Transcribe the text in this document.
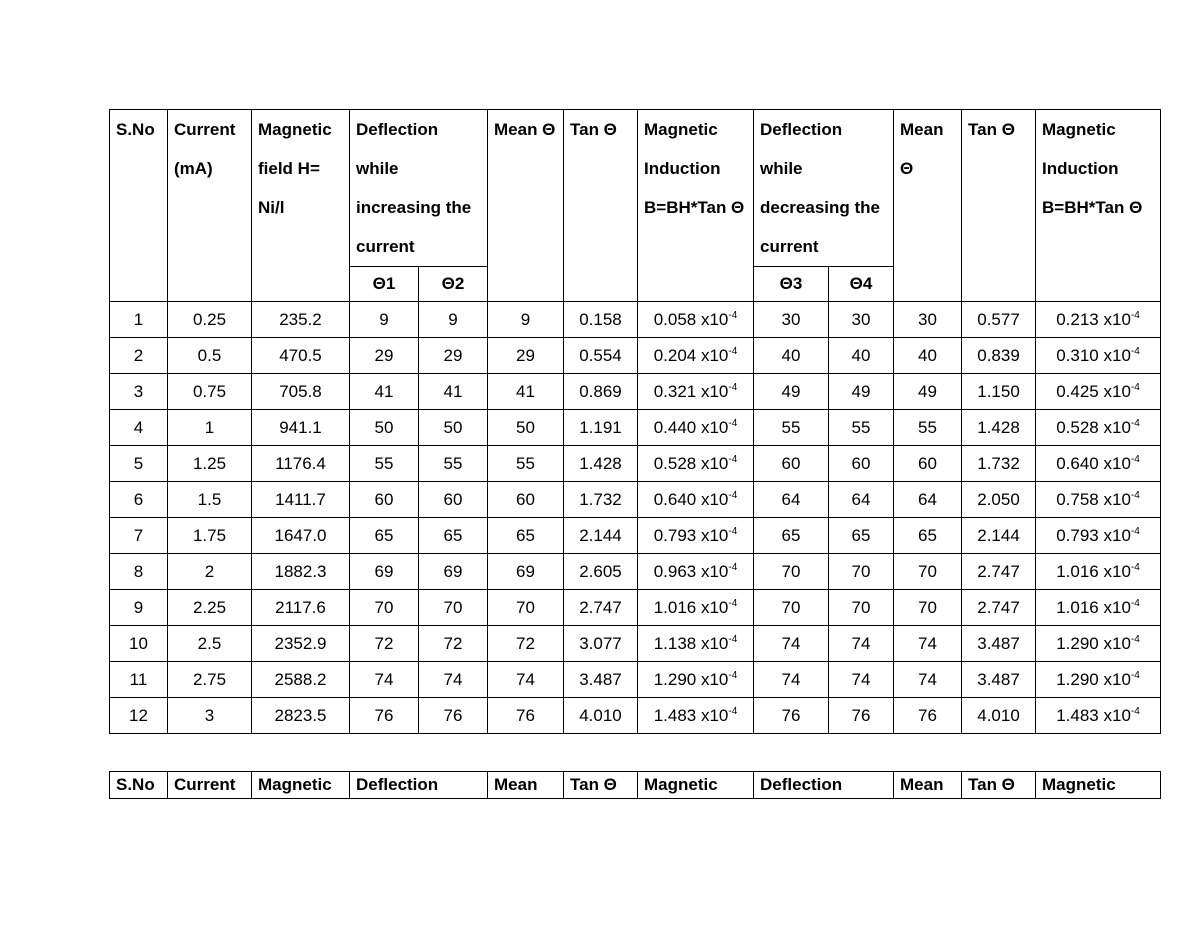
S.No	Current (mA)	Magnetic field H= Ni/l	Deflection while increasing the current		Mean Θ	Tan Θ	Magnetic Induction B=BH*Tan Θ	Deflection while decreasing the current		Mean Θ	Tan Θ	Magnetic Induction B=BH*Tan Θ
			Θ1	Θ2				Θ3	Θ4			
1	0.25	235.2	9	9	9	0.158	0.058 $x10^{-4}$	30	30	30	0.577	0.213 $x10^{-4}$
2	0.5	470.5	29	29	29	0.554	0.204 $x10^{-4}$	40	40	40	0.839	0.310 $x10^{-4}$
3	0.75	705.8	41	41	41	0.869	0.321 $x10^{-4}$	49	49	49	1.150	0.425 $x10^{-4}$
4	1	941.1	50	50	50	1.191	0.440 $x10^{-4}$	55	55	55	1.428	0.528 $x10^{-4}$
5	1.25	1176.4	55	55	55	1.428	0.528 $x10^{-4}$	60	60	60	1.732	0.640 $x10^{-4}$
6	1.5	1411.7	60	60	60	1.732	0.640 $x10^{-4}$	64	64	64	2.050	0.758 $x10^{-4}$
7	1.75	1647.0	65	65	65	2.144	0.793 $x10^{-4}$	65	65	65	2.144	0.793 $x10^{-4}$
8	2	1882.3	69	69	69	2.605	0.963 $x10^{-4}$	70	70	70	2.747	1.016 $x10^{-4}$
9	2.25	2117.6	70	70	70	2.747	1.016 $x10^{-4}$	70	70	70	2.747	1.016 $x10^{-4}$
10	2.5	2352.9	72	72	72	3.077	1.138 $x10^{-4}$	74	74	74	3.487	1.290 $x10^{-4}$
11	2.75	2588.2	74	74	74	3.487	1.290 $x10^{-4}$	74	74	74	3.487	1.290 $x10^{-4}$
12	3	2823.5	76	76	76	4.010	1.483 $x10^{-4}$	76	76	76	4.010	1.483 $x10^{-4}$
S.No	Current	Magnetic	Deflection	Mean	Tan Θ	Magnetic	Deflection	Mean	Tan Θ	Magnetic
